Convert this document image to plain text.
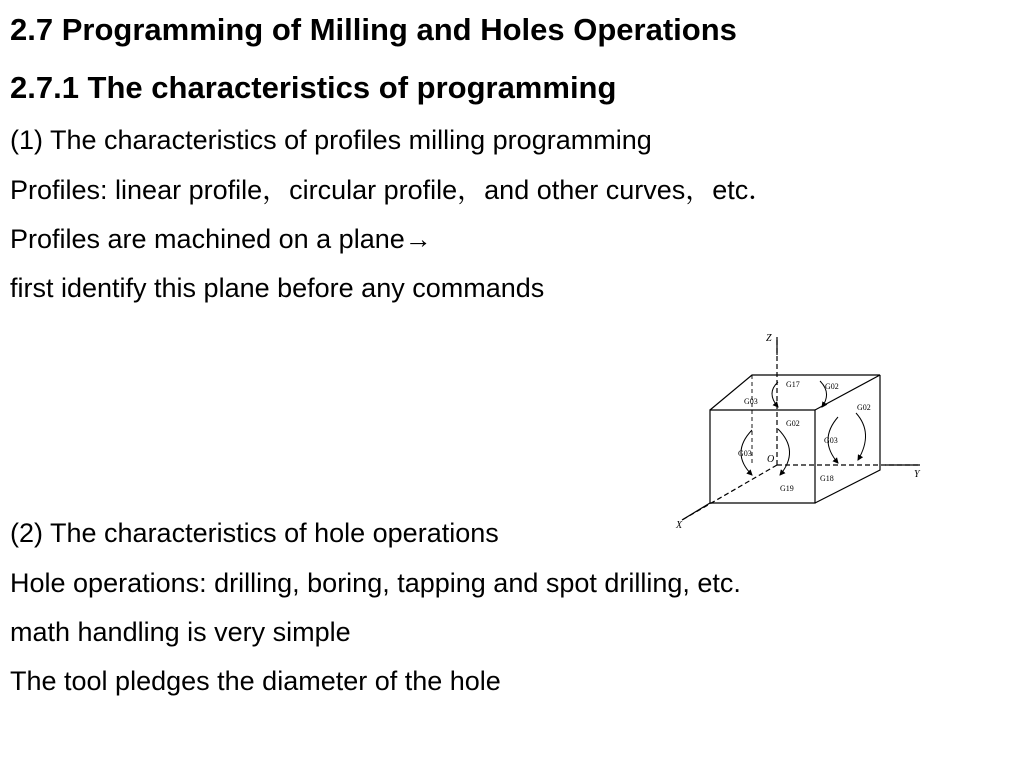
2.7 Programming of Milling and Holes Operations
2.7.1 The characteristics of programming
(1) The characteristics of profiles milling programming
Profiles: linear profile，circular profile，and other curves，etc．
Profiles are machined on a plane→
first identify this plane before any commands
(2) The characteristics of hole operations
Hole operations: drilling, boring, tapping and spot drilling, etc.
math handling is very simple
The tool pledges the diameter of the hole
Z
Y
X
O
G17	G02
G03
G02
G03
G19
G02
G03
G18
